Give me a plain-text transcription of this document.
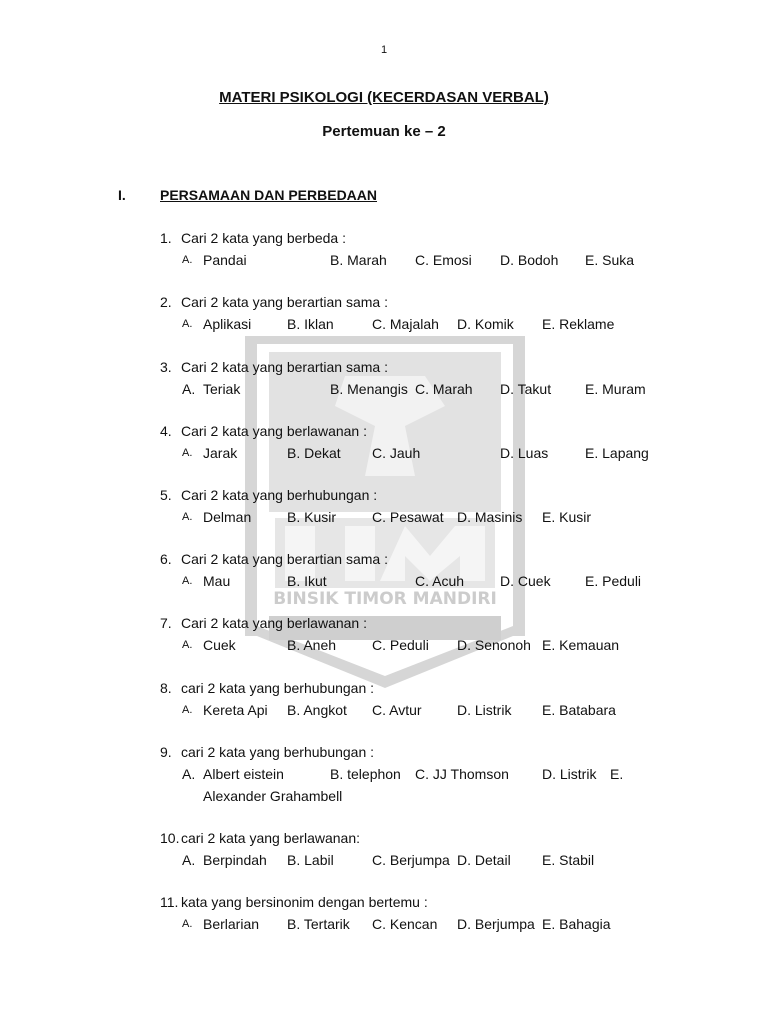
BINSIK TIMOR MANDIRI
1
MATERI PSIKOLOGI (KECERDASAN VERBAL)
Pertemuan ke – 2
I. PERSAMAAN DAN PERBEDAAN
1. Cari 2 kata yang berbeda :
A. Pandai	B. Marah C. Emosi D. Bodoh E. Suka
2. Cari 2 kata yang berartian sama :
A. Aplikasi	B. Iklan	C. Majalah D. Komik E. Reklame
3. Cari 2 kata yang berartian sama :
A. Teriak	B. Menangis C. Marah D. Takut E. Muram
4. Cari 2 kata yang berlawanan :
A. Jarak	B. Dekat C. Jauh	D. Luas	E. Lapang
5. Cari 2 kata yang berhubungan :
A. Delman	B. Kusir	C. Pesawat D. Masinis E. Kusir
6. Cari 2 kata yang berartian sama :
A. Mau	B. Ikut	C. Acuh	D. Cuek E. Peduli
7. Cari 2 kata yang berlawanan :
A. Cuek	B. Aneh	C. Peduli D. Senonoh E. Kemauan
8. cari 2 kata yang berhubungan :
A. Kereta Api B. Angkot C. Avtur	D. Listrik E. Batabara
9. cari 2 kata yang berhubungan :
A. Albert eistein	B. telephon C. JJ Thomson D. Listrik E.
Alexander Grahambell
10. cari 2 kata yang berlawanan:
A. Berpindah B. Labil	C. Berjumpa D. Detail E. Stabil
11. kata yang bersinonim dengan bertemu :
A. Berlarian B. Tertarik C. Kencan D. Berjumpa E. Bahagia
